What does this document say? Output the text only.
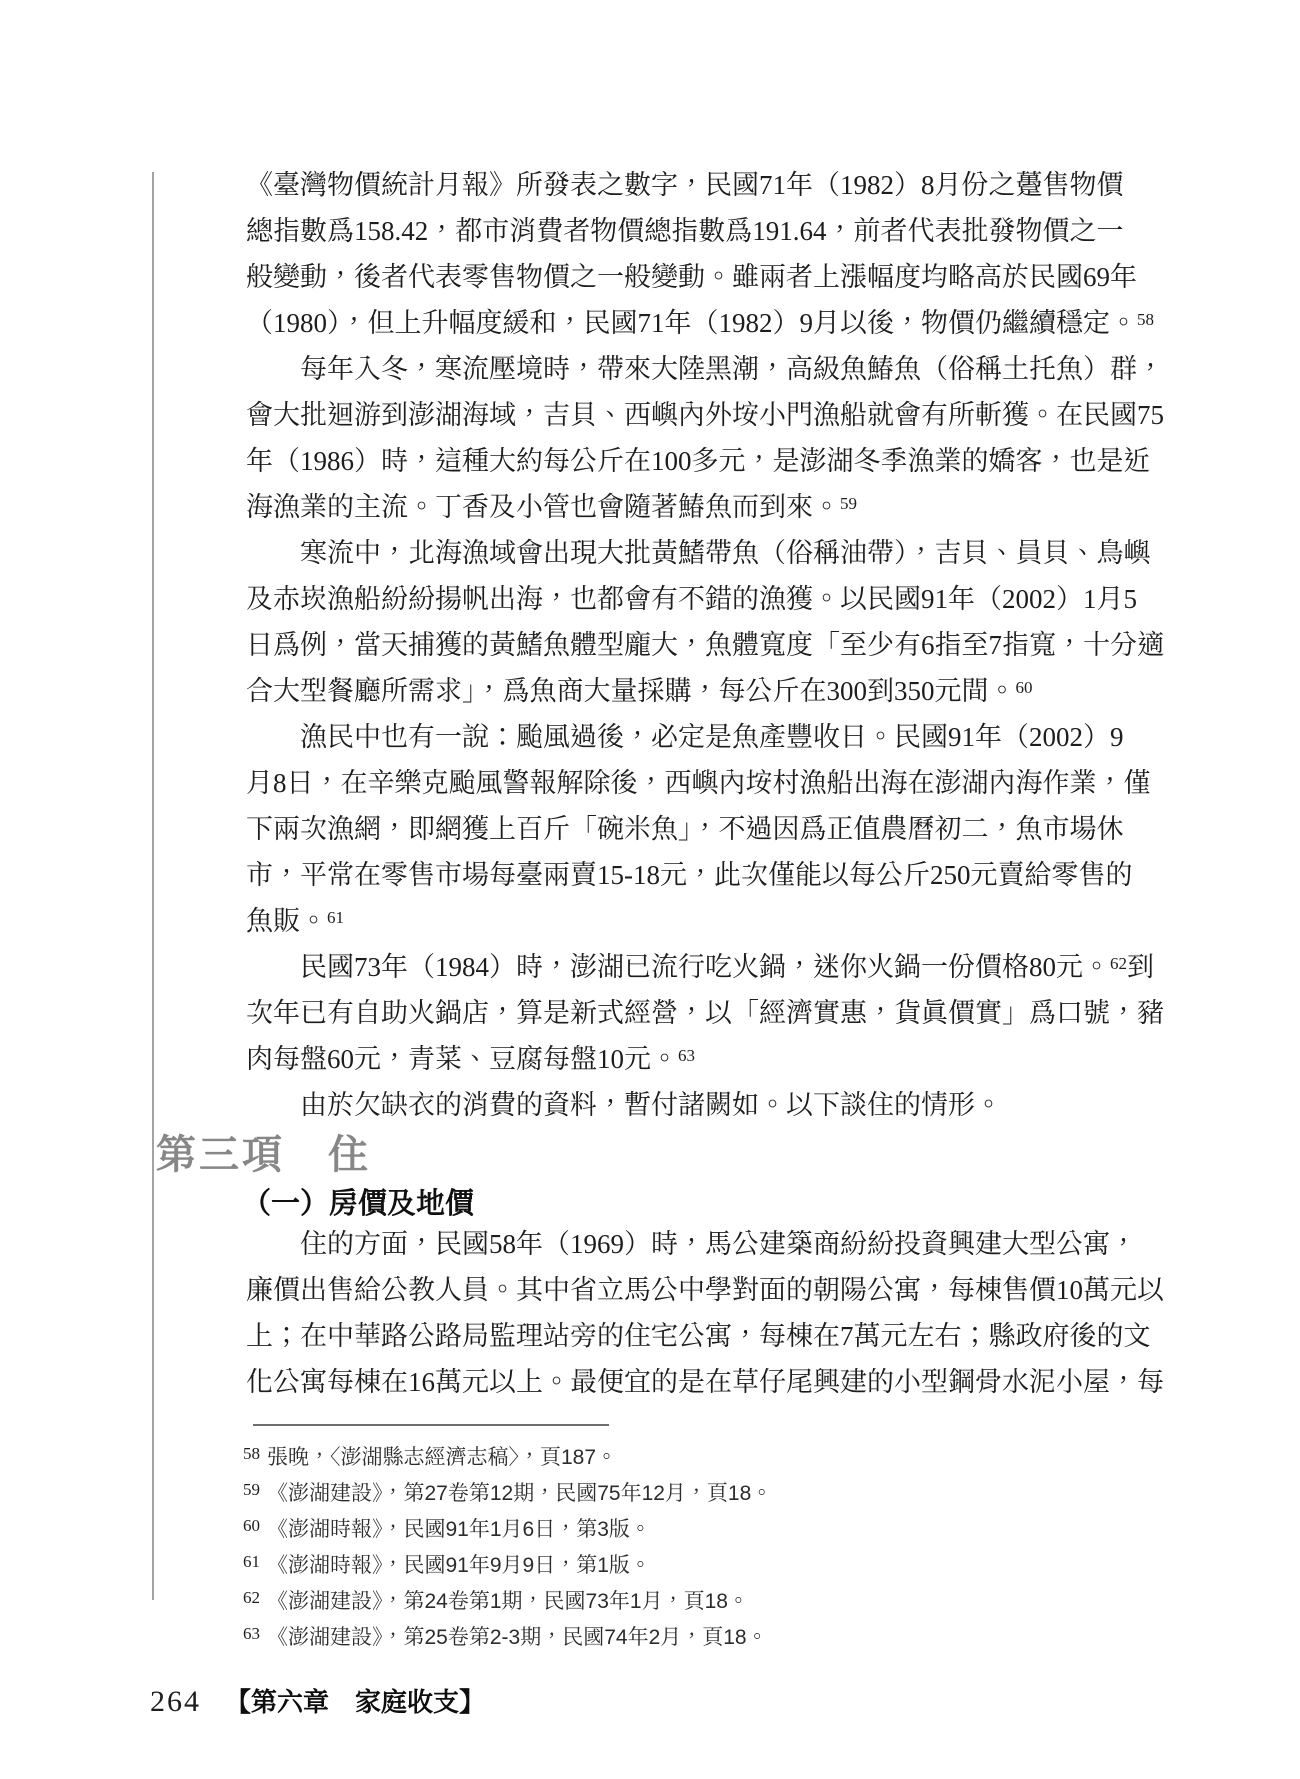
《臺灣物價統計月報》所發表之數字，民國71年（1982）8月份之躉售物價
總指數爲158.42，都市消費者物價總指數爲191.64，前者代表批發物價之一
般變動，後者代表零售物價之一般變動。雖兩者上漲幅度均略高於民國69年
（1980），但上升幅度緩和，民國71年（1982）9月以後，物價仍繼續穩定。$^{58}$
每年入冬，寒流壓境時，帶來大陸黑潮，高級魚鰆魚（俗稱土托魚）群，
會大批迴游到澎湖海域，吉貝、西嶼內外垵小門漁船就會有所斬獲。在民國75
年（1986）時，這種大約每公斤在100多元，是澎湖冬季漁業的嬌客，也是近
海漁業的主流。丁香及小管也會隨著鰆魚而到來。$^{59}$
寒流中，北海漁域會出現大批黃鰭帶魚（俗稱油帶），吉貝、員貝、鳥嶼
及赤崁漁船紛紛揚帆出海，也都會有不錯的漁獲。以民國91年（2002）1月5
日爲例，當天捕獲的黃鰭魚體型龐大，魚體寬度「至少有6指至7指寬，十分適
合大型餐廳所需求」，爲魚商大量採購，每公斤在300到350元間。$^{60}$
漁民中也有一說：颱風過後，必定是魚產豐收日。民國91年（2002）9
月8日，在辛樂克颱風警報解除後，西嶼內垵村漁船出海在澎湖內海作業，僅
下兩次漁網，即網獲上百斤「碗米魚」，不過因爲正值農曆初二，魚市場休
市，平常在零售市場每臺兩賣15-18元，此次僅能以每公斤250元賣給零售的
魚販。$^{61}$
民國73年（1984）時，澎湖已流行吃火鍋，迷你火鍋一份價格80元。$^{62}$到
次年已有自助火鍋店，算是新式經營，以「經濟實惠，貨眞價實」爲口號，豬
肉每盤60元，青菜、豆腐每盤10元。$^{63}$
由於欠缺衣的消費的資料，暫付諸闕如。以下談住的情形。
第三項　住
（一）房價及地價
住的方面，民國58年（1969）時，馬公建築商紛紛投資興建大型公寓，
廉價出售給公教人員。其中省立馬公中學對面的朝陽公寓，每棟售價10萬元以
上；在中華路公路局監理站旁的住宅公寓，每棟在7萬元左右；縣政府後的文
化公寓每棟在16萬元以上。最便宜的是在草仔尾興建的小型鋼骨水泥小屋，每
$^{58}$ 張晚，〈澎湖縣志經濟志稿〉，頁187。
$^{59}$ 《澎湖建設》，第27卷第12期，民國75年12月，頁18。
$^{60}$ 《澎湖時報》，民國91年1月6日，第3版。
$^{61}$ 《澎湖時報》，民國91年9月9日，第1版。
$^{62}$ 《澎湖建設》，第24卷第1期，民國73年1月，頁18。
$^{63}$ 《澎湖建設》，第25卷第2-3期，民國74年2月，頁18。
264 【第六章　家庭收支】
